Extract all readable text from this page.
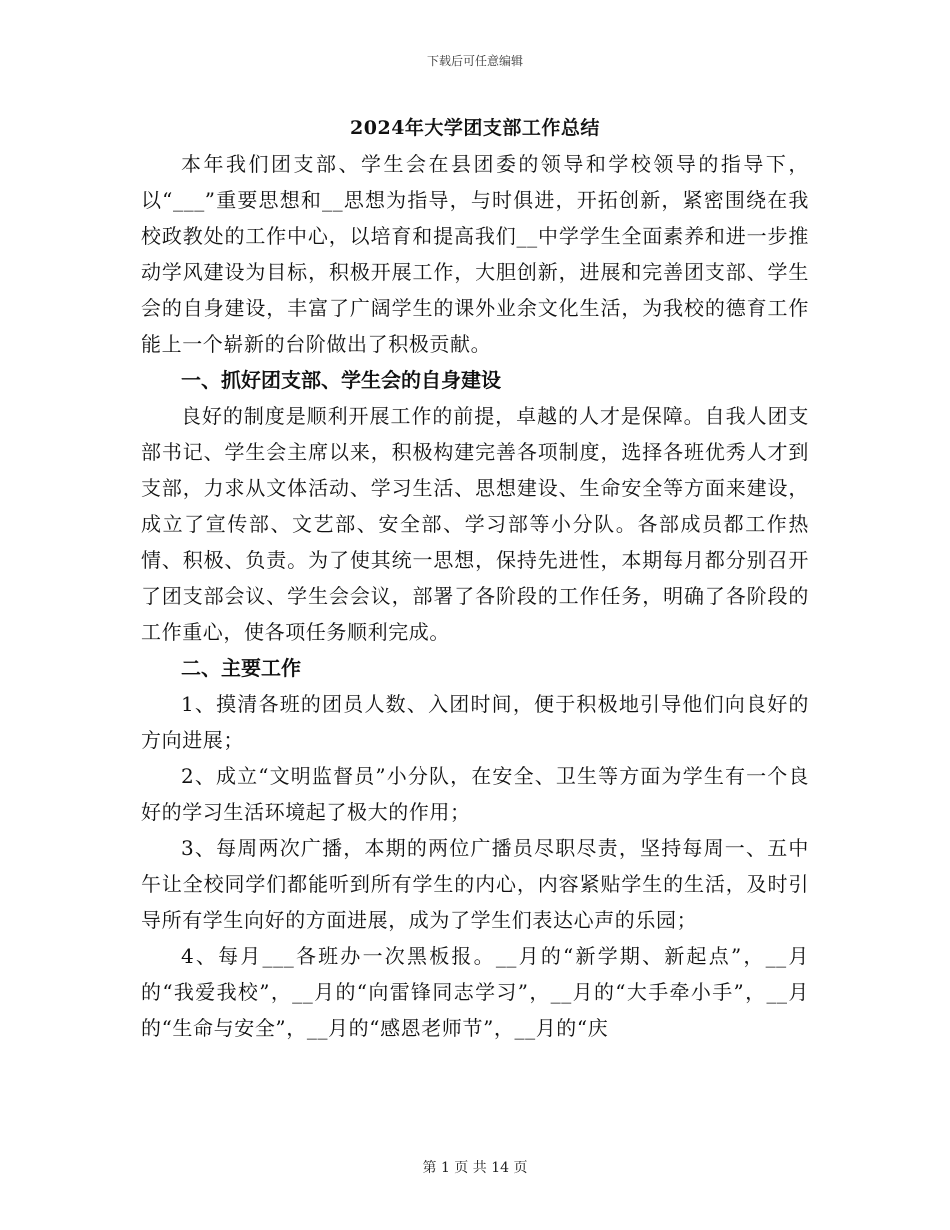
下载后可任意编辑
2024年大学团支部工作总结

本年我们团支部、学生会在县团委的领导和学校领导的指导下，以“___”重要思想和__思想为指导，与时俱进，开拓创新，紧密围绕在我校政教处的工作中心，以培育和提高我们__中学学生全面素养和进一步推动学风建设为目标，积极开展工作，大胆创新，进展和完善团支部、学生会的自身建设，丰富了广阔学生的课外业余文化生活，为我校的德育工作能上一个崭新的台阶做出了积极贡献。

一、抓好团支部、学生会的自身建设

良好的制度是顺利开展工作的前提，卓越的人才是保障。自我人团支部书记、学生会主席以来，积极构建完善各项制度，选择各班优秀人才到支部，力求从文体活动、学习生活、思想建设、生命安全等方面来建设，成立了宣传部、文艺部、安全部、学习部等小分队。各部成员都工作热情、积极、负责。为了使其统一思想，保持先进性，本期每月都分别召开了团支部会议、学生会会议，部署了各阶段的工作任务，明确了各阶段的工作重心，使各项任务顺利完成。

二、主要工作

1、摸清各班的团员人数、入团时间，便于积极地引导他们向良好的方向进展；

2、成立“文明监督员”小分队，在安全、卫生等方面为学生有一个良好的学习生活环境起了极大的作用；

3、每周两次广播，本期的两位广播员尽职尽责，坚持每周一、五中午让全校同学们都能听到所有学生的内心，内容紧贴学生的生活，及时引导所有学生向好的方面进展，成为了学生们表达心声的乐园；

4、每月___各班办一次黑板报。__月的“新学期、新起点”，__月的“我爱我校”，__月的“向雷锋同志学习”，__月的“大手牵小手”，__月的“生命与安全”，__月的“感恩老师节”，__月的“庆

第 1 页 共 14 页
